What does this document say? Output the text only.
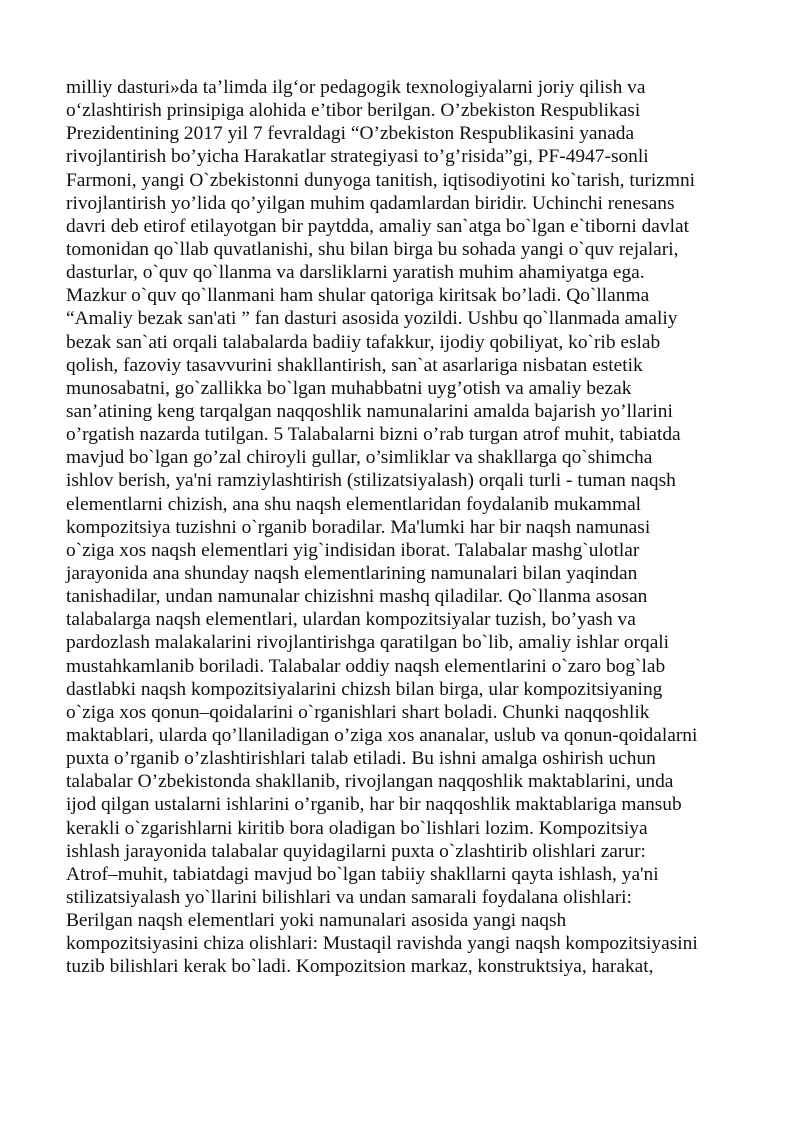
milliy dasturi»da ta’limda ilg‘or pedagogik texnologiyalarni joriy qilish va
o‘zlashtirish prinsipiga alohida e’tibor berilgan. O’zbekiston Respublikasi
Prezidentining 2017 yil 7 fevraldagi “O’zbekiston Respublikasini yanada
rivojlantirish bo’yicha Harakatlar strategiyasi to’g’risida”gi, PF-4947-sonli
Farmoni, yangi O`zbekistonni dunyoga tanitish, iqtisodiyotini ko`tarish, turizmni
rivojlantirish yo’lida qo’yilgan muhim qadamlardan biridir. Uchinchi renesans
davri deb etirof etilayotgan bir paytdda, amaliy san`atga bo`lgan e`tiborni davlat
tomonidan qo`llab quvatlanishi, shu bilan birga bu sohada yangi o`quv rejalari,
dasturlar, o`quv qo`llanma va darsliklarni yaratish muhim ahamiyatga ega.
Mazkur o`quv qo`llanmani ham shular qatoriga kiritsak bo’ladi. Qo`llanma
“Amaliy bezak san'ati ” fan dasturi asosida yozildi. Ushbu qo`llanmada amaliy
bezak san`ati orqali talabalarda badiiy tafakkur, ijodiy qobiliyat, ko`rib eslab
qolish, fazoviy tasavvurini shakllantirish, san`at asarlariga nisbatan estetik
munosabatni, go`zallikka bo`lgan muhabbatni uyg’otish va amaliy bezak
san’atining keng tarqalgan naqqoshlik namunalarini amalda bajarish yo’llarini
o’rgatish nazarda tutilgan. 5 Talabalarni bizni o’rab turgan atrof muhit, tabiatda
mavjud bo`lgan go’zal chiroyli gullar, o’simliklar va shakllarga qo`shimcha
ishlov berish, ya'ni ramziylashtirish (stilizatsiyalash) orqali turli - tuman naqsh
elementlarni chizish, ana shu naqsh elementlaridan foydalanib mukammal
kompozitsiya tuzishni o`rganib boradilar. Ma'lumki har bir naqsh namunasi
o`ziga xos naqsh elementlari yig`indisidan iborat. Talabalar mashg`ulotlar
jarayonida ana shunday naqsh elementlarining namunalari bilan yaqindan
tanishadilar, undan namunalar chizishni mashq qiladilar. Qo`llanma asosan
talabalarga naqsh elementlari, ulardan kompozitsiyalar tuzish, bo’yash va
pardozlash malakalarini rivojlantirishga qaratilgan bo`lib, amaliy ishlar orqali
mustahkamlanib boriladi. Talabalar oddiy naqsh elementlarini o`zaro bog`lab
dastlabki naqsh kompozitsiyalarini chizsh bilan birga, ular kompozitsiyaning
o`ziga xos qonun–qoidalarini o`rganishlari shart boladi. Chunki naqqoshlik
maktablari, ularda qo’llaniladigan o’ziga xos ananalar, uslub va qonun-qoidalarni
puxta o’rganib o’zlashtirishlari talab etiladi. Bu ishni amalga oshirish uchun
talabalar O’zbekistonda shakllanib, rivojlangan naqqoshlik maktablarini, unda
ijod qilgan ustalarni ishlarini o’rganib, har bir naqqoshlik maktablariga mansub
kerakli o`zgarishlarni kiritib bora oladigan bo`lishlari lozim. Kompozitsiya
ishlash jarayonida talabalar quyidagilarni puxta o`zlashtirib olishlari zarur:
Atrof–muhit, tabiatdagi mavjud bo`lgan tabiiy shakllarni qayta ishlash, ya'ni
stilizatsiyalash yo`llarini bilishlari va undan samarali foydalana olishlari:
Berilgan naqsh elementlari yoki namunalari asosida yangi naqsh
kompozitsiyasini chiza olishlari: Mustaqil ravishda yangi naqsh kompozitsiyasini
tuzib bilishlari kerak bo`ladi. Kompozitsion markaz, konstruktsiya, harakat,
